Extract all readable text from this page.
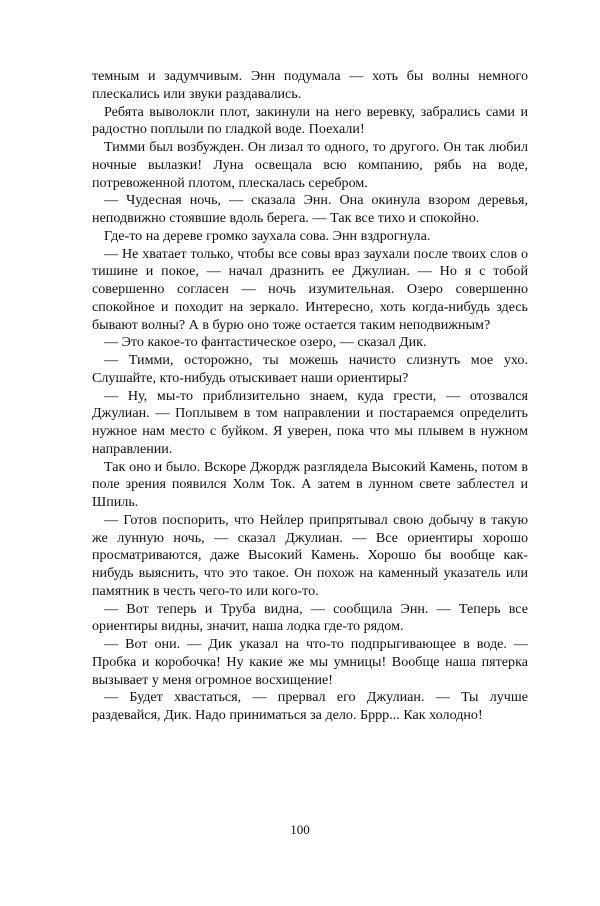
темным и задумчивым. Энн подумала — хоть бы волны немного плескались или звуки раздавались.

Ребята выволокли плот, закинули на него веревку, забрались сами и радостно поплыли по гладкой воде. Поехали!

Тимми был возбужден. Он лизал то одного, то другого. Он так любил ночные вылазки! Луна освещала всю компанию, рябь на воде, потревоженной плотом, плескалась серебром.

— Чудесная ночь, — сказала Энн. Она окинула взором деревья, неподвижно стоявшие вдоль берега. — Так все тихо и спокойно.

Где-то на дереве громко заухала сова. Энн вздрогнула.

— Не хватает только, чтобы все совы враз заухали после твоих слов о тишине и покое, — начал дразнить ее Джулиан. — Но я с тобой совершенно согласен — ночь изумительная. Озеро совершенно спокойное и походит на зеркало. Интересно, хоть когда-нибудь здесь бывают волны? А в бурю оно тоже остается таким неподвижным?

— Это какое-то фантастическое озеро, — сказал Дик.

— Тимми, осторожно, ты можешь начисто слизнуть мое ухо. Слушайте, кто-нибудь отыскивает наши ориентиры?

— Ну, мы-то приблизительно знаем, куда грести, — отозвался Джулиан. — Поплывем в том направлении и постараемся определить нужное нам место с буйком. Я уверен, пока что мы плывем в нужном направлении.

Так оно и было. Вскоре Джордж разглядела Высокий Камень, потом в поле зрения появился Холм Ток. А затем в лунном свете заблестел и Шпиль.

— Готов поспорить, что Нейлер припрятывал свою добычу в такую же лунную ночь, — сказал Джулиан. — Все ориентиры хорошо просматриваются, даже Высокий Камень. Хорошо бы вообще как-нибудь выяснить, что это такое. Он похож на каменный указатель или памятник в честь чего-то или кого-то.

— Вот теперь и Труба видна, — сообщила Энн. — Теперь все ориентиры видны, значит, наша лодка где-то рядом.

— Вот они. — Дик указал на что-то подпрыгивающее в воде. — Пробка и коробочка! Ну какие же мы умницы! Вообще наша пятерка вызывает у меня огромное восхищение!

— Будет хвастаться, — прервал его Джулиан. — Ты лучше раздевайся, Дик. Надо приниматься за дело. Бррр... Как холодно!

100
